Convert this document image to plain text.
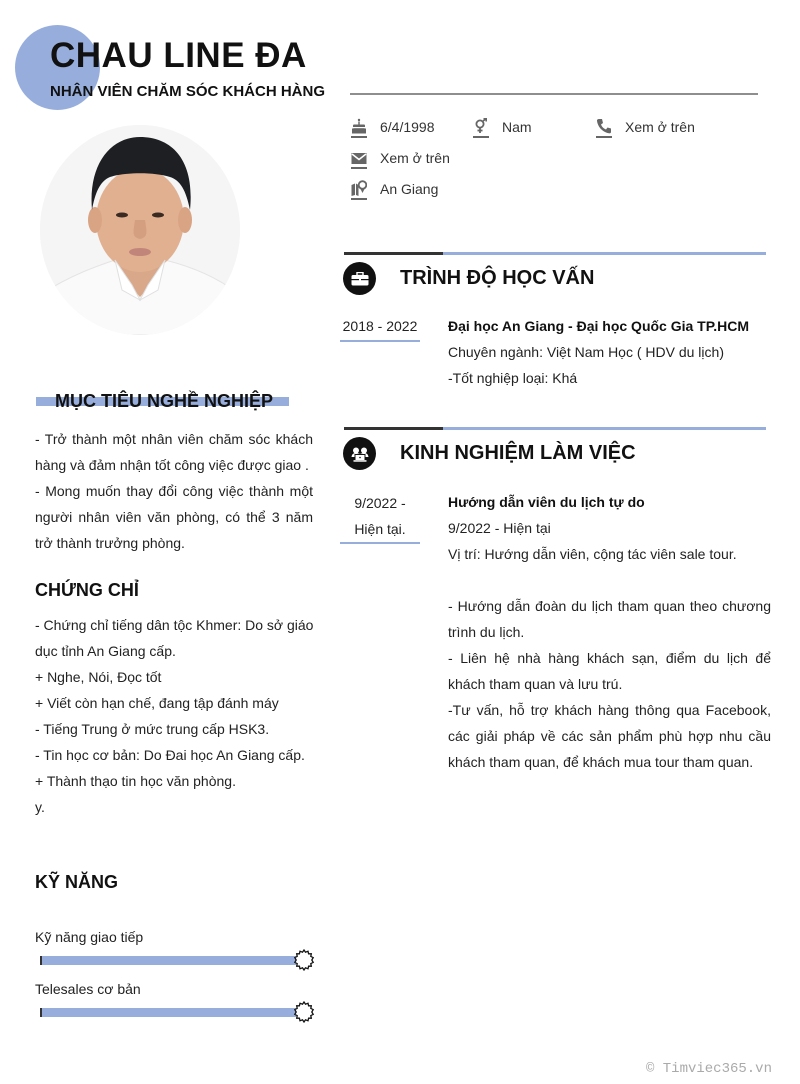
CHAU LINE ĐA
NHÂN VIÊN CHĂM SÓC KHÁCH HÀNG
6/4/1998	Nam	Xem ở trên
Xem ở trên
An Giang
TRÌNH ĐỘ HỌC VẤN
2018 - 2022 Đại học An Giang - Đại học Quốc Gia TP.HCM
Chuyên ngành: Việt Nam Học ( HDV du lịch)
-Tốt nghiệp loại: Khá
KINH NGHIỆM LÀM VIỆC
9/2022 -
Hiện tại.
Hướng dẫn viên du lịch tự do
9/2022 - Hiện tại
Vị trí: Hướng dẫn viên, cộng tác viên sale tour.
- Hướng dẫn đoàn du lịch tham quan theo chương trình du lịch.
- Liên hệ nhà hàng khách sạn, điểm du lịch để khách tham quan và lưu trú.
-Tư vấn, hỗ trợ khách hàng thông qua Facebook, các giải pháp về các sản phẩm phù hợp nhu cầu khách tham quan, để khách mua tour tham quan.
MỤC TIÊU NGHỀ NGHIỆP
- Trở thành một nhân viên chăm sóc khách hàng và đảm nhận tốt công việc được giao .
- Mong muốn thay đổi công việc thành một người nhân viên văn phòng, có thể 3 năm trở thành trưởng phòng.
CHỨNG CHỈ
- Chứng chỉ tiếng dân tộc Khmer: Do sở giáo dục tỉnh An Giang cấp.
+ Nghe, Nói, Đọc tốt
+ Viết còn hạn chế, đang tập đánh máy
- Tiếng Trung ở mức trung cấp HSK3.
- Tin học cơ bản: Do Đai học An Giang cấp.
+ Thành thạo tin học văn phòng.
y.
KỸ NĂNG
Kỹ năng giao tiếp
Telesales cơ bản
© Timviec365.vn
